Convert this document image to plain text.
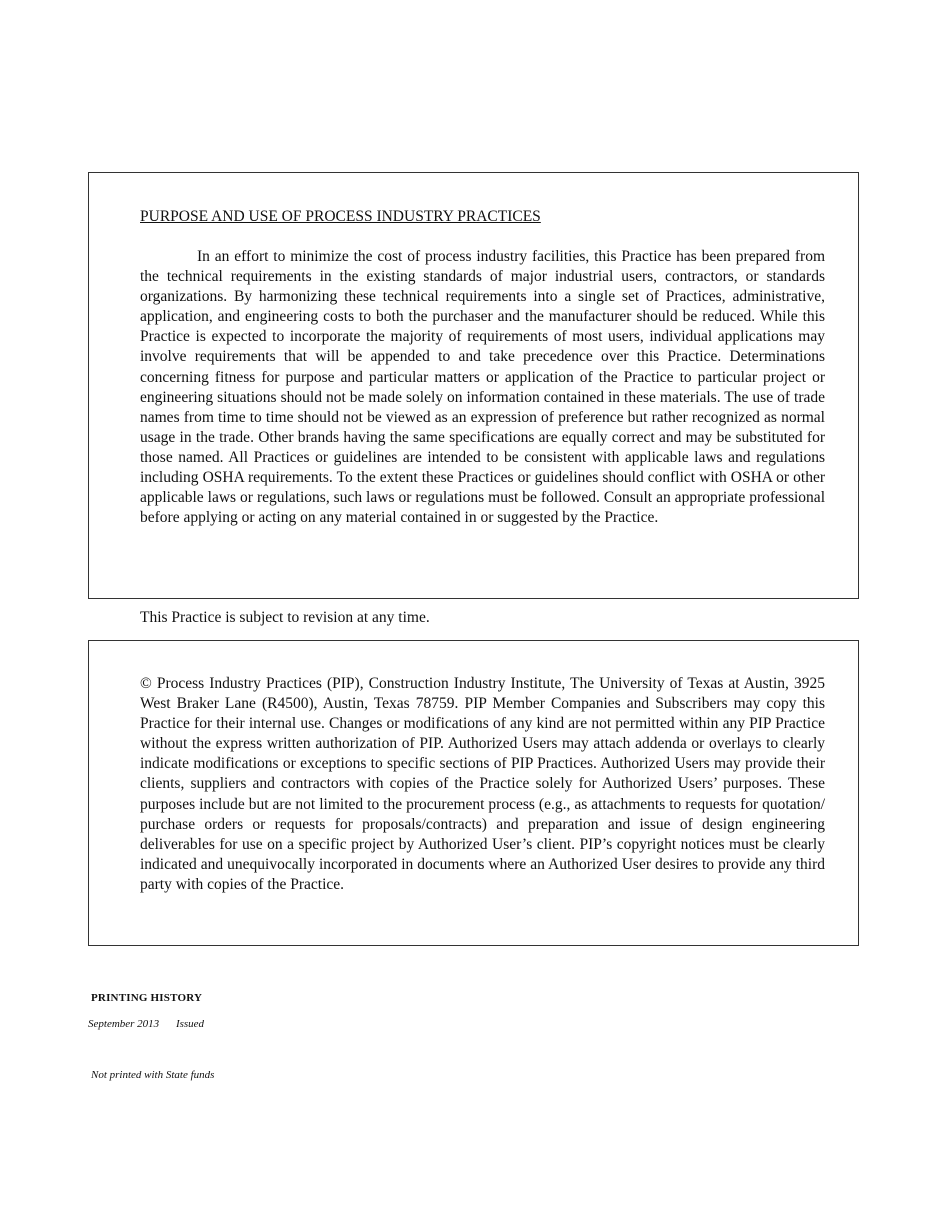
PURPOSE AND USE OF PROCESS INDUSTRY PRACTICES

In an effort to minimize the cost of process industry facilities, this Practice has been prepared from the technical requirements in the existing standards of major industrial users, contractors, or standards organizations. By harmonizing these technical requirements into a single set of Practices, administrative, application, and engineering costs to both the purchaser and the manufacturer should be reduced. While this Practice is expected to incorporate the majority of requirements of most users, individual applications may involve requirements that will be appended to and take precedence over this Practice. Determinations concerning fitness for purpose and particular matters or application of the Practice to particular project or engineering situations should not be made solely on information contained in these materials. The use of trade names from time to time should not be viewed as an expression of preference but rather recognized as normal usage in the trade. Other brands having the same specifications are equally correct and may be substituted for those named. All Practices or guidelines are intended to be consistent with applicable laws and regulations including OSHA requirements. To the extent these Practices or guidelines should conflict with OSHA or other applicable laws or regulations, such laws or regulations must be followed. Consult an appropriate professional before applying or acting on any material contained in or suggested by the Practice.

This Practice is subject to revision at any time.

© Process Industry Practices (PIP), Construction Industry Institute, The University of Texas at Austin, 3925 West Braker Lane (R4500), Austin, Texas 78759. PIP Member Companies and Subscribers may copy this Practice for their internal use. Changes or modifications of any kind are not permitted within any PIP Practice without the express written authorization of PIP. Authorized Users may attach addenda or overlays to clearly indicate modifications or exceptions to specific sections of PIP Practices. Authorized Users may provide their clients, suppliers and contractors with copies of the Practice solely for Authorized Users’ purposes. These purposes include but are not limited to the procurement process (e.g., as attachments to requests for quotation/ purchase orders or requests for proposals/contracts) and preparation and issue of design engineering deliverables for use on a specific project by Authorized User’s client. PIP’s copyright notices must be clearly indicated and unequivocally incorporated in documents where an Authorized User desires to provide any third party with copies of the Practice.

PRINTING HISTORY

September 2013 Issued

Not printed with State funds
